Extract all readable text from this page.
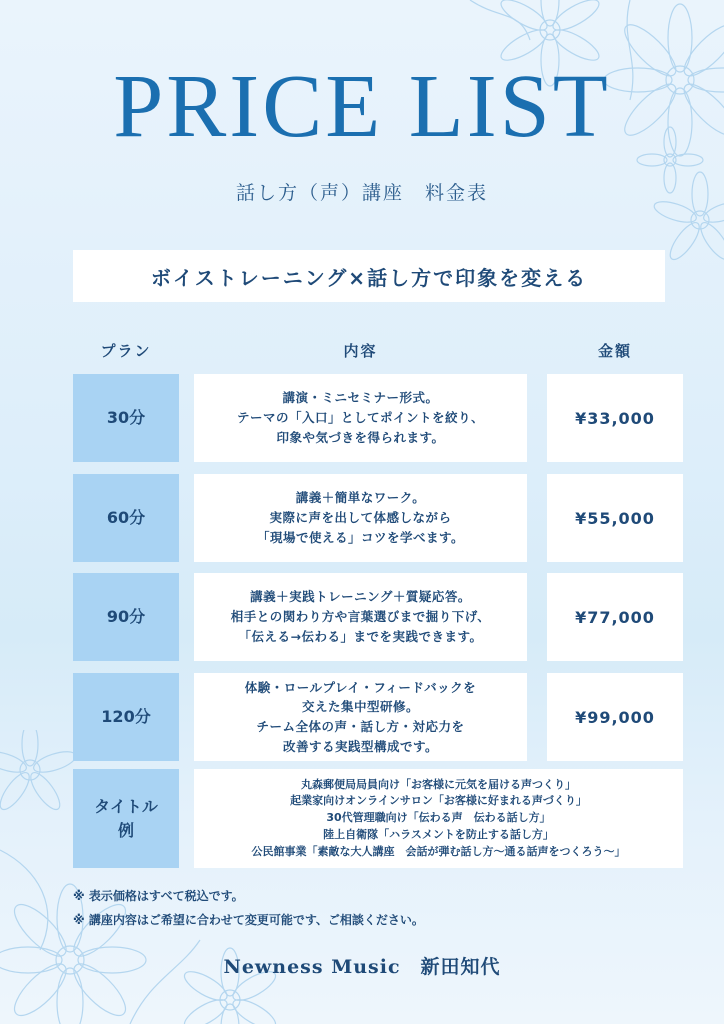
PRICE LIST
話し方（声）講座　料金表
ボイストレーニング×話し方で印象を変える
プラン	内容	金額
30分
講演・ミニセミナー形式。
テーマの「入口」としてポイントを絞り、
印象や気づきを得られます。
¥33,000
60分
講義＋簡単なワーク。
実際に声を出して体感しながら
「現場で使える」コツを学べます。
¥55,000
90分
講義＋実践トレーニング＋質疑応答。
相手との関わり方や言葉選びまで掘り下げ、
「伝える→伝わる」までを実践できます。
¥77,000
120分
体験・ロールプレイ・フィードバックを
交えた集中型研修。
チーム全体の声・話し方・対応力を
改善する実践型構成です。
¥99,000
タイトル
例
丸森郵便局局員向け「お客様に元気を届ける声つくり」
起業家向けオンラインサロン「お客様に好まれる声づくり」
30代管理職向け「伝わる声　伝わる話し方」
陸上自衛隊「ハラスメントを防止する話し方」
公民館事業「素敵な大人講座　会話が弾む話し方～通る話声をつくろう～」
※ 表示価格はすべて税込です。
※ 講座内容はご希望に合わせて変更可能です、ご相談ください。
Newness Music　新田知代
